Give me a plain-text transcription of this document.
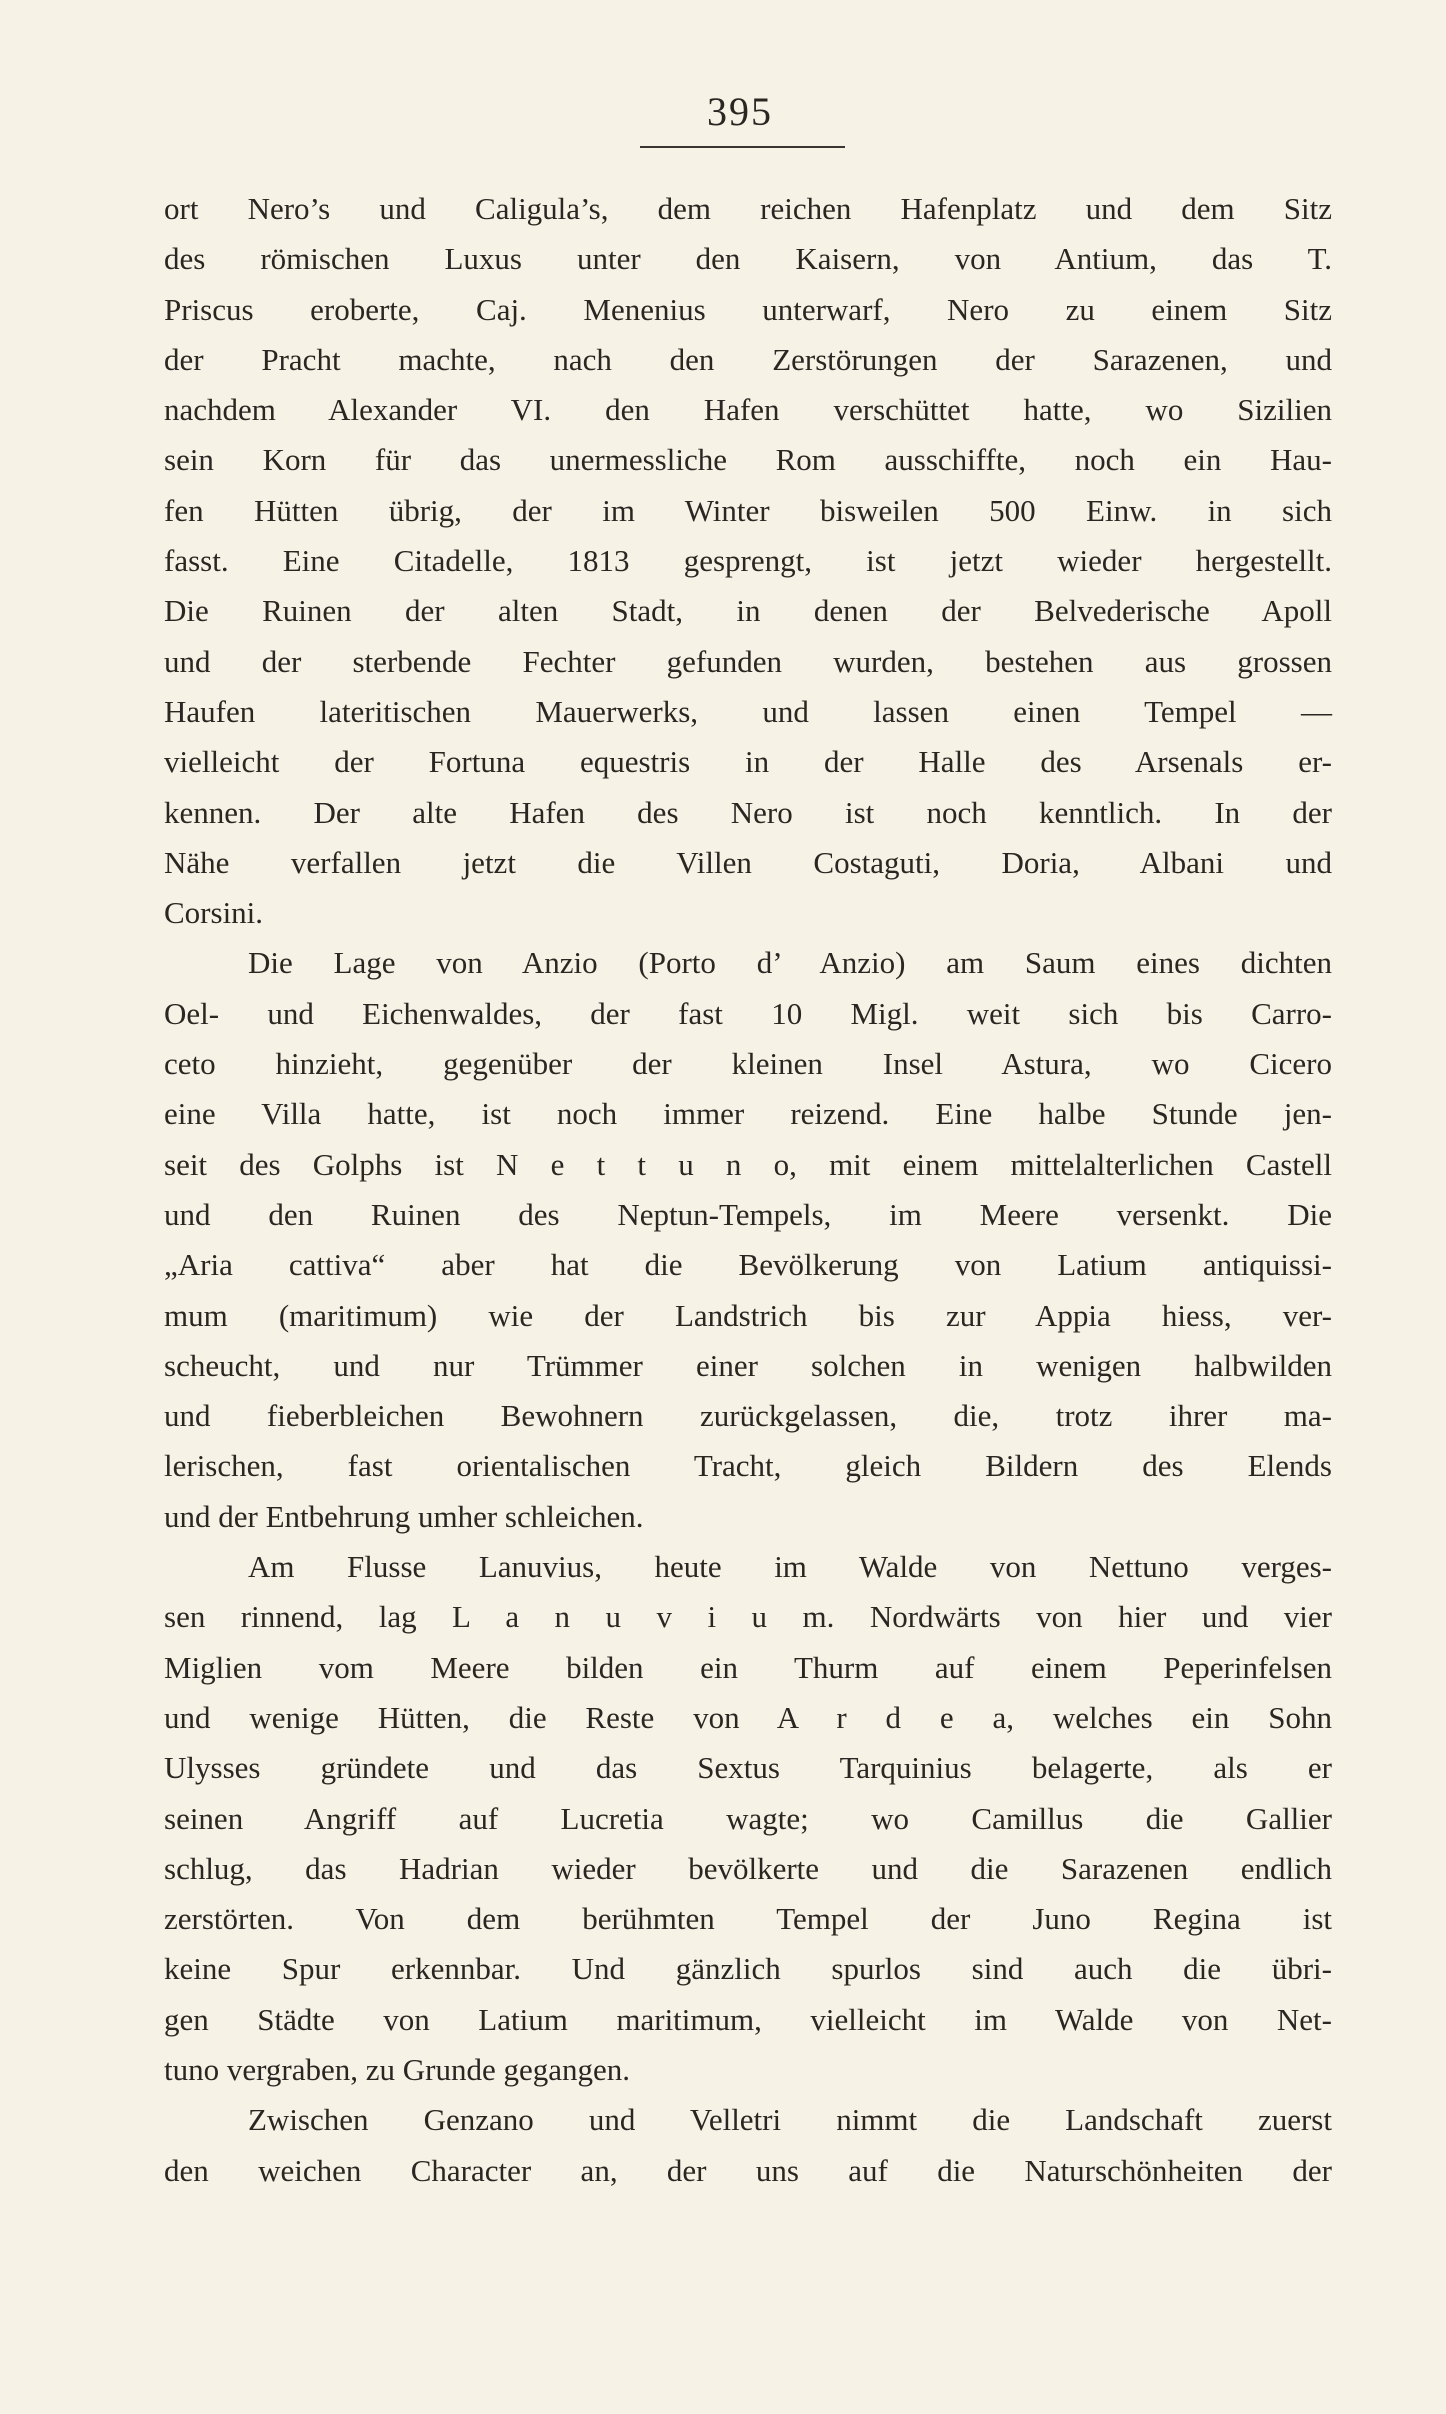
395
ort Nero’s und Caligula’s, dem reichen Hafenplatz und dem Sitz
des römischen Luxus unter den Kaisern, von Antium, das T.
Priscus eroberte, Caj. Menenius unterwarf, Nero zu einem Sitz
der Pracht machte, nach den Zerstörungen der Sarazenen, und
nachdem Alexander VI. den Hafen verschüttet hatte, wo Sizilien
sein Korn für das unermessliche Rom ausschiffte, noch ein Hau-
fen Hütten übrig, der im Winter bisweilen 500 Einw. in sich
fasst. Eine Citadelle, 1813 gesprengt, ist jetzt wieder hergestellt.
Die Ruinen der alten Stadt, in denen der Belvederische Apoll
und der sterbende Fechter gefunden wurden, bestehen aus grossen
Haufen lateritischen Mauerwerks, und lassen einen Tempel —
vielleicht der Fortuna equestris in der Halle des Arsenals er-
kennen. Der alte Hafen des Nero ist noch kenntlich. In der
Nähe verfallen jetzt die Villen Costaguti, Doria, Albani und
Corsini.
Die Lage von Anzio (Porto d’ Anzio) am Saum eines dichten
Oel- und Eichenwaldes, der fast 10 Migl. weit sich bis Carro-
ceto hinzieht, gegenüber der kleinen Insel Astura, wo Cicero
eine Villa hatte, ist noch immer reizend. Eine halbe Stunde jen-
seit des Golphs ist N e t t u n o, mit einem mittelalterlichen Castell
und den Ruinen des Neptun-Tempels, im Meere versenkt. Die
„Aria cattiva“ aber hat die Bevölkerung von Latium antiquissi-
mum (maritimum) wie der Landstrich bis zur Appia hiess, ver-
scheucht, und nur Trümmer einer solchen in wenigen halbwilden
und fieberbleichen Bewohnern zurückgelassen, die, trotz ihrer ma-
lerischen, fast orientalischen Tracht, gleich Bildern des Elends
und der Entbehrung umher schleichen.
Am Flusse Lanuvius, heute im Walde von Nettuno verges-
sen rinnend, lag L a n u v i u m. Nordwärts von hier und vier
Miglien vom Meere bilden ein Thurm auf einem Peperinfelsen
und wenige Hütten, die Reste von A r d e a, welches ein Sohn
Ulysses gründete und das Sextus Tarquinius belagerte, als er
seinen Angriff auf Lucretia wagte; wo Camillus die Gallier
schlug, das Hadrian wieder bevölkerte und die Sarazenen endlich
zerstörten. Von dem berühmten Tempel der Juno Regina ist
keine Spur erkennbar. Und gänzlich spurlos sind auch die übri-
gen Städte von Latium maritimum, vielleicht im Walde von Net-
tuno vergraben, zu Grunde gegangen.
Zwischen Genzano und Velletri nimmt die Landschaft zuerst
den weichen Character an, der uns auf die Naturschönheiten der
